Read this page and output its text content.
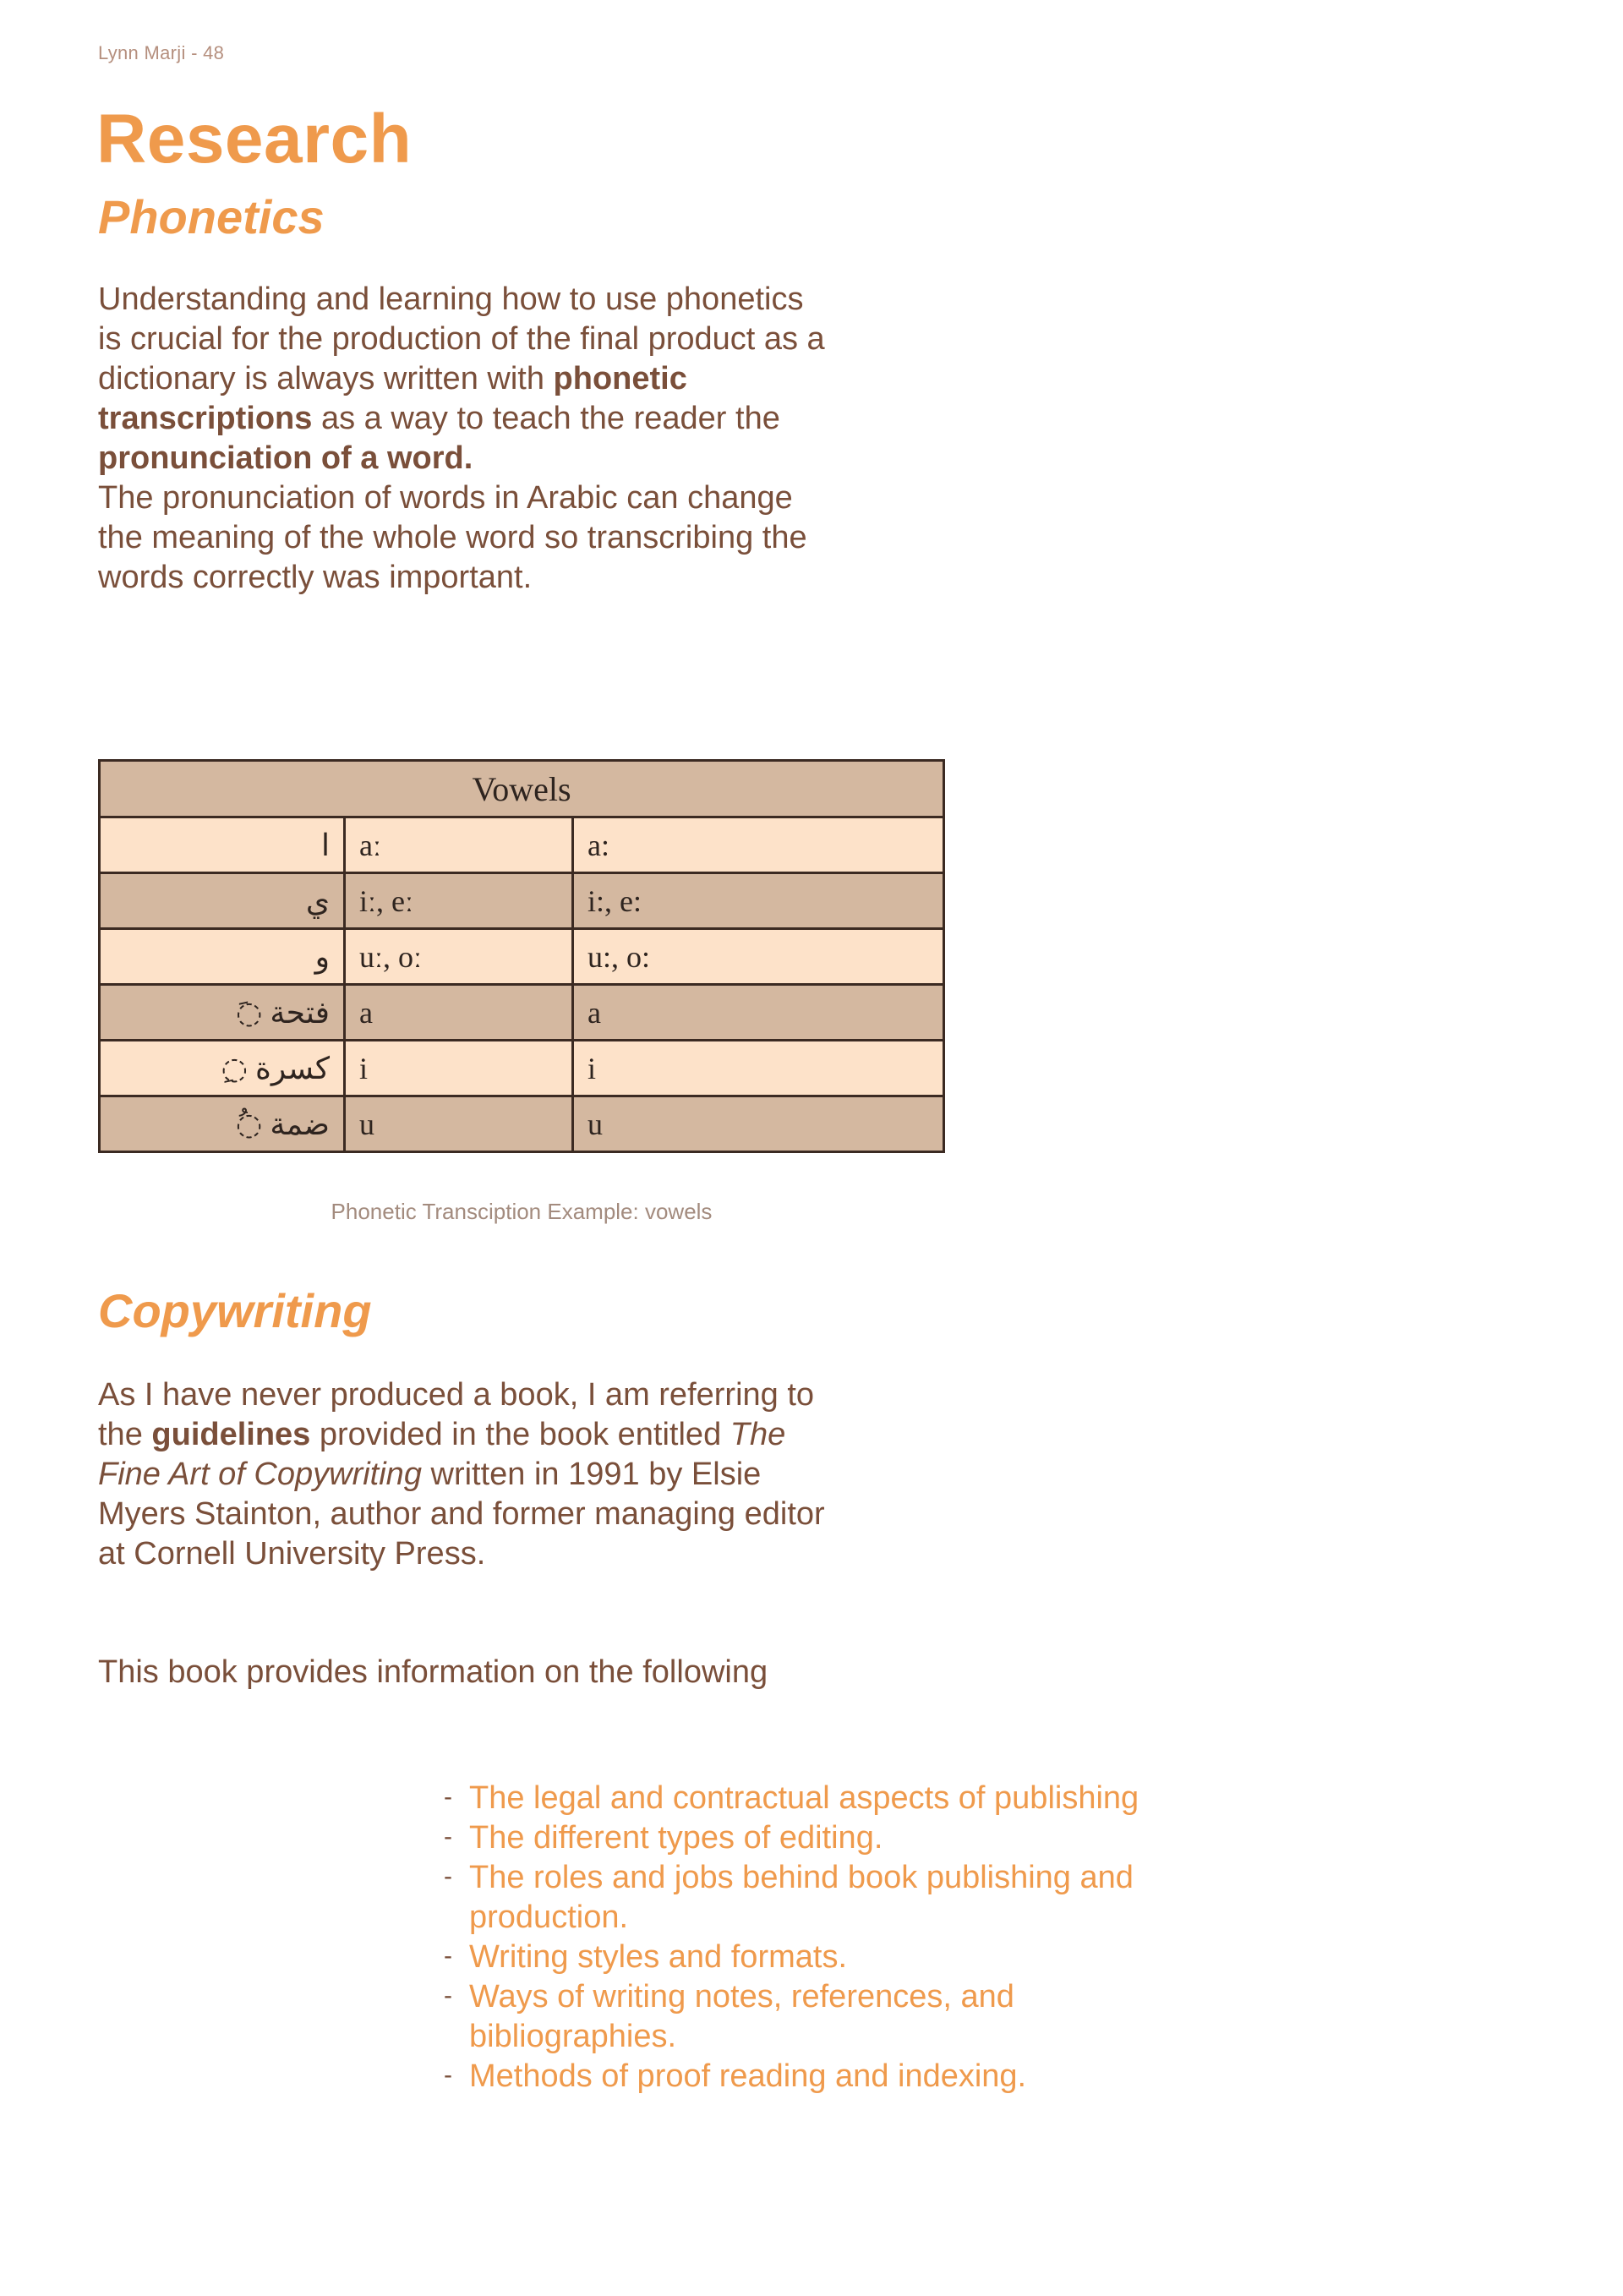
Lynn Marji - 48
Research
Phonetics

Understanding and learning how to use phonetics is crucial for the production of the final product as a dictionary is always written with phonetic transcriptions as a way to teach the reader the
pronunciation of a word.
The pronunciation of words in Arabic can change the meaning of the whole word so transcribing the words correctly was important.

Vowels		
ا	aː	a:
ي	iː, eː	i:, e:
و	uː, oː	u:, o:
فتحة ◌َ	a	a
كسرة ◌ِ	i	i
ضمة ◌ُ	u	u
Phonetic Transciption Example: vowels
Copywriting

As I have never produced a book, I am referring to the guidelines provided in the book entitled The Fine Art of Copywriting written in 1991 by Elsie Myers Stainton, author and former managing editor at Cornell University Press.

This book provides information on the following

- The legal and contractual aspects of publishing
- The different types of editing.
- The roles and jobs behind book publishing and production.
- Writing styles and formats.
- Ways of writing notes, references, and bibliographies.
- Methods of proof reading and indexing.
